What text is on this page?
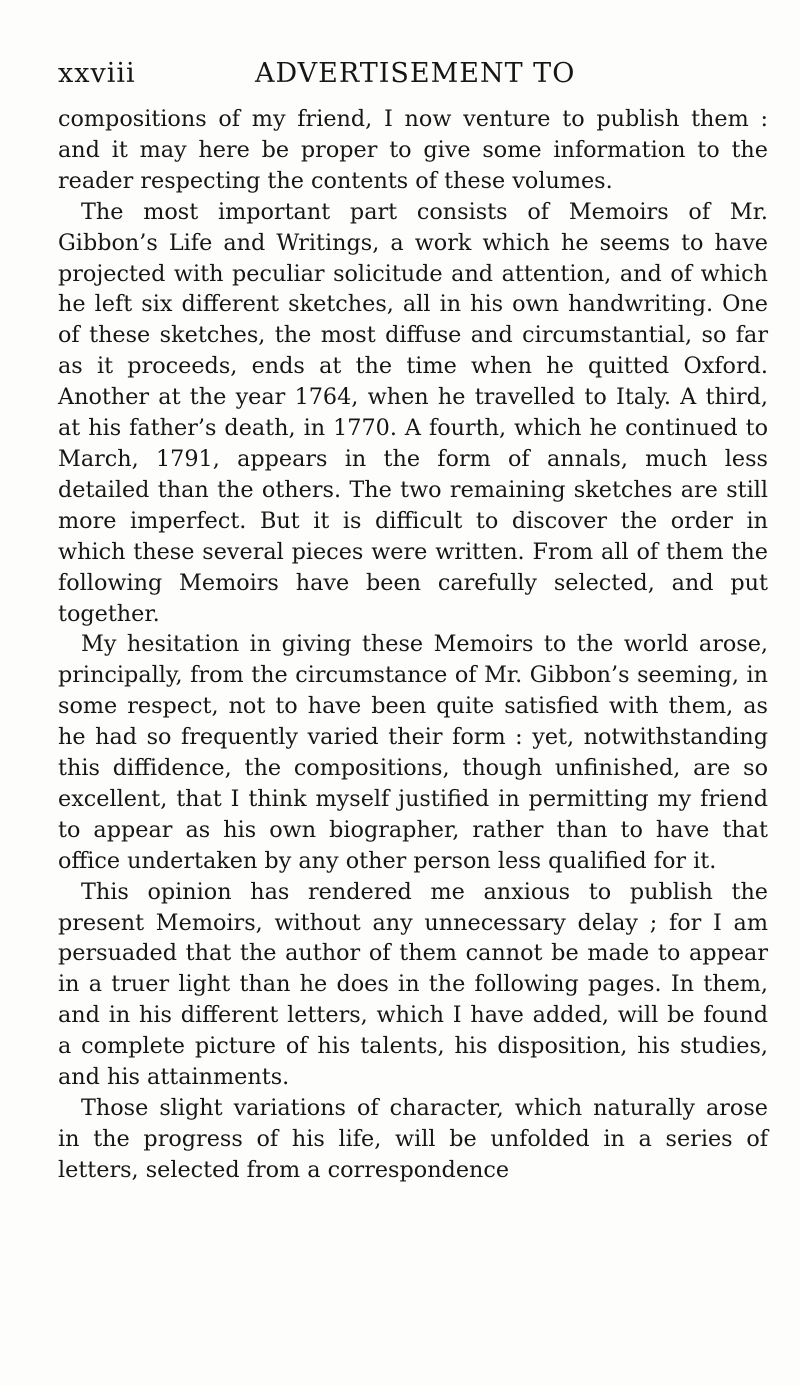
xxviii	ADVERTISEMENT TO

compositions of my friend, I now venture to publish them : and it may here be proper to give some information to the reader respecting the contents of these volumes.

The most important part consists of Memoirs of Mr. Gibbon’s Life and Writings, a work which he seems to have projected with peculiar solicitude and attention, and of which he left six different sketches, all in his own handwriting. One of these sketches, the most diffuse and circumstantial, so far as it proceeds, ends at the time when he quitted Oxford. Another at the year 1764, when he travelled to Italy. A third, at his father’s death, in 1770. A fourth, which he continued to March, 1791, appears in the form of annals, much less detailed than the others. The two remaining sketches are still more imperfect. But it is difficult to discover the order in which these several pieces were written. From all of them the following Memoirs have been carefully selected, and put together.

My hesitation in giving these Memoirs to the world arose, principally, from the circumstance of Mr. Gibbon’s seeming, in some respect, not to have been quite satisfied with them, as he had so frequently varied their form : yet, notwithstanding this diffidence, the compositions, though unfinished, are so excellent, that I think myself justified in permitting my friend to appear as his own biographer, rather than to have that office undertaken by any other person less qualified for it.

This opinion has rendered me anxious to publish the present Memoirs, without any unnecessary delay ; for I am persuaded that the author of them cannot be made to appear in a truer light than he does in the following pages. In them, and in his different letters, which I have added, will be found a complete picture of his talents, his disposition, his studies, and his attainments.

Those slight variations of character, which naturally arose in the progress of his life, will be unfolded in a series of letters, selected from a correspondence
